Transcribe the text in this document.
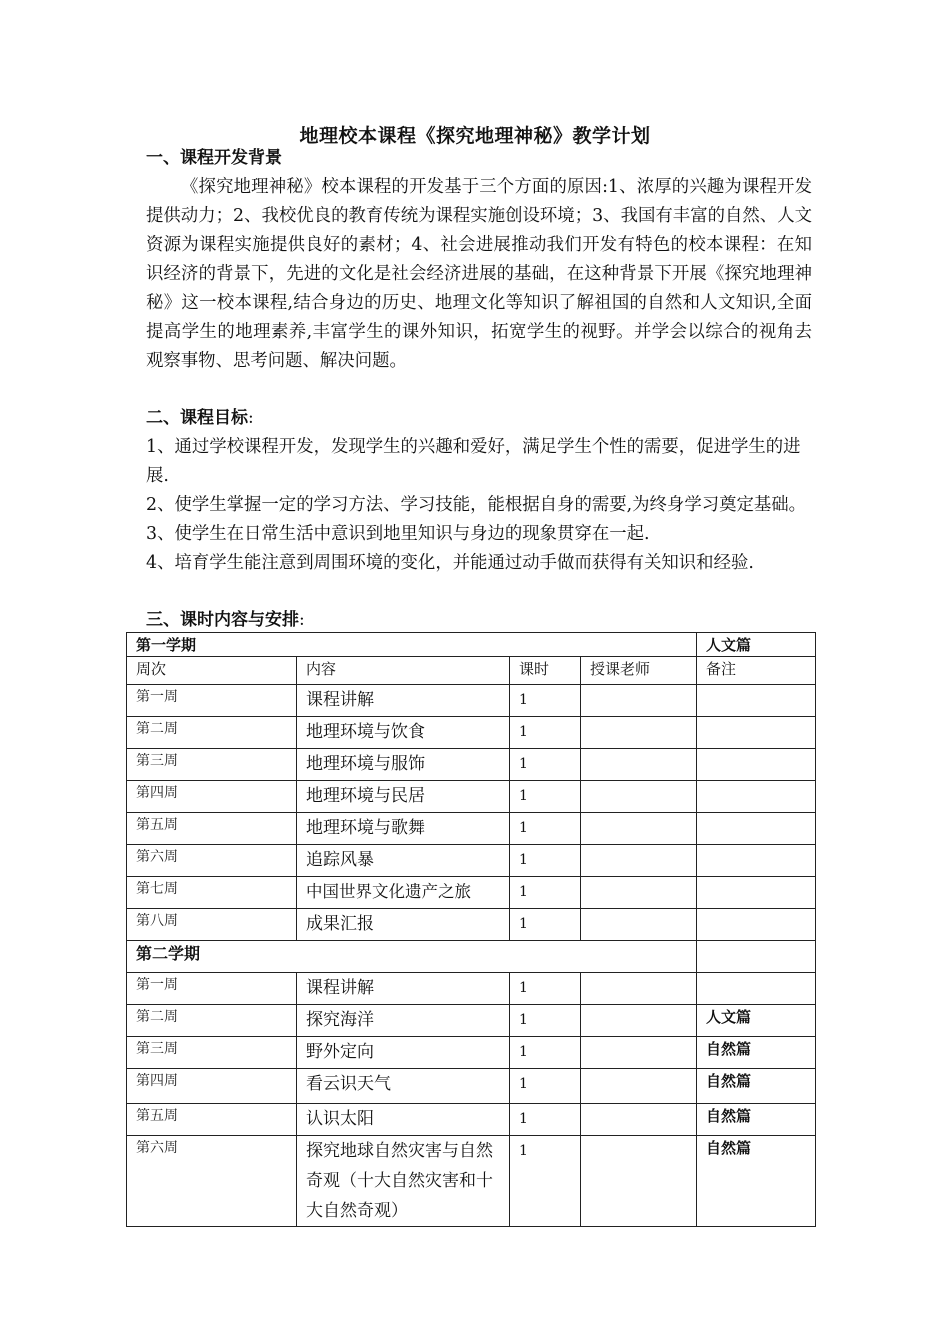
地理校本课程《探究地理神秘》教学计划
一、课程开发背景
《探究地理神秘》校本课程的开发基于三个方面的原因:1、浓厚的兴趣为课程开发提供动力；2、我校优良的教育传统为课程实施创设环境；3、我国有丰富的自然、人文资源为课程实施提供良好的素材；4、社会进展推动我们开发有特色的校本课程：在知识经济的背景下，先进的文化是社会经济进展的基础，在这种背景下开展《探究地理神秘》这一校本课程,结合身边的历史、地理文化等知识了解祖国的自然和人文知识,全面提高学生的地理素养,丰富学生的课外知识，拓宽学生的视野。并学会以综合的视角去观察事物、思考问题、解决问题。
二、课程目标:
1、通过学校课程开发，发现学生的兴趣和爱好，满足学生个性的需要，促进学生的进展.
2、使学生掌握一定的学习方法、学习技能，能根据自身的需要,为终身学习奠定基础。
3、使学生在日常生活中意识到地里知识与身边的现象贯穿在一起.
4、培育学生能注意到周围环境的变化，并能通过动手做而获得有关知识和经验.
三、课时内容与安排:
第一学期				人文篇
周次	内容	课时	授课老师	备注
第一周	课程讲解	1		
第二周	地理环境与饮食	1		
第三周	地理环境与服饰	1		
第四周	地理环境与民居	1		
第五周	地理环境与歌舞	1		
第六周	追踪风暴	1		
第七周	中国世界文化遗产之旅	1		
第八周	成果汇报	1		
第二学期				
第一周	课程讲解	1		
第二周	探究海洋	1		人文篇
第三周	野外定向	1		自然篇
第四周	看云识天气	1		自然篇
第五周	认识太阳	1		自然篇
第六周	探究地球自然灾害与自然奇观（十大自然灾害和十大自然奇观）	1		自然篇
